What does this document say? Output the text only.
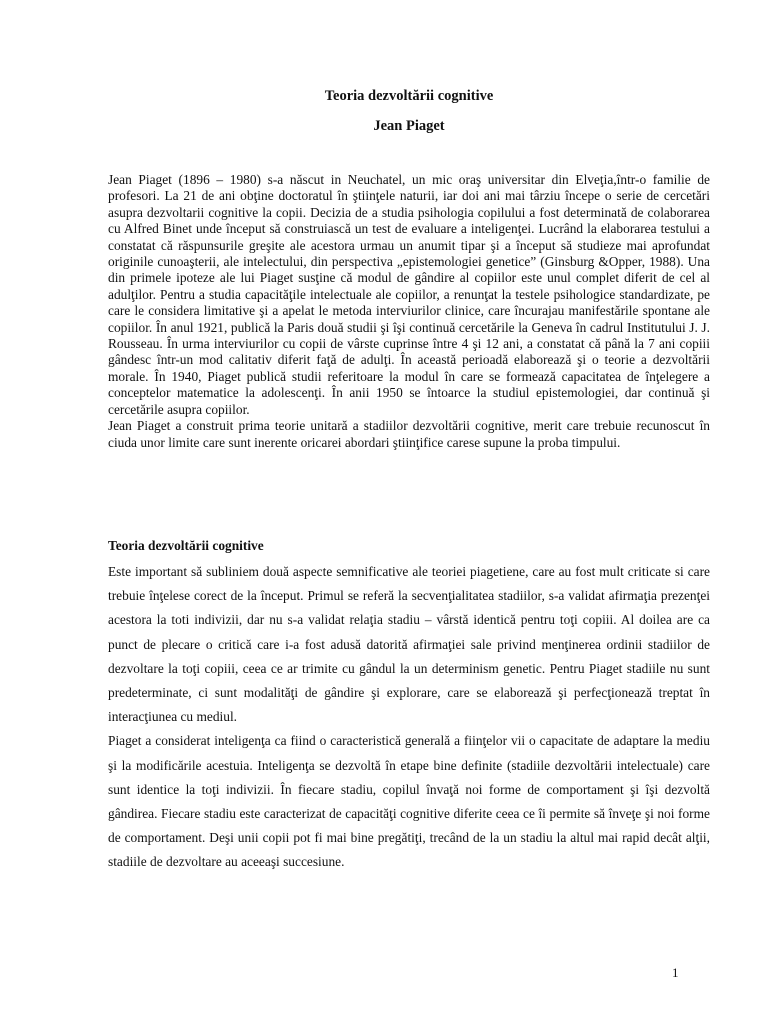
Teoria dezvoltării cognitive
Jean Piaget

Jean Piaget (1896 – 1980) s-a născut in Neuchatel, un mic oraş universitar din Elveţia,într-o familie de profesori. La 21 de ani obţine doctoratul în ştiinţele naturii, iar doi ani mai târziu începe o serie de cercetări asupra dezvoltarii cognitive la copii. Decizia de a studia psihologia copilului a fost determinată de colaborarea cu Alfred Binet unde început să construiască un test de evaluare a inteligenţei. Lucrând la elaborarea testului a constatat că răspunsurile greşite ale acestora urmau un anumit tipar şi a început să studieze mai aprofundat originile cunoaşterii, ale intelectului, din perspectiva „epistemologiei genetice” (Ginsburg &Opper, 1988). Una din primele ipoteze ale lui Piaget susţine că modul de gândire al copiilor este unul complet diferit de cel al adulţilor. Pentru a studia capacităţile intelectuale ale copiilor, a renunţat la testele psihologice standardizate, pe care le considera limitative şi a apelat le metoda interviurilor clinice, care încurajau manifestările spontane ale copiilor. În anul 1921, publică la Paris două studii şi îşi continuă cercetările la Geneva în cadrul Institutului J. J. Rousseau. În urma interviurilor cu copii de vârste cuprinse între 4 şi 12 ani, a constatat că până la 7 ani copiii gândesc într-un mod calitativ diferit faţă de adulţi. În această perioadă elaborează şi o teorie a dezvoltării morale. În 1940, Piaget publică studii referitoare la modul în care se formează capacitatea de înţelegere a conceptelor matematice la adolescenţi. În anii 1950 se întoarce la studiul epistemologiei, dar continuă şi cercetările asupra copiilor.

Jean Piaget a construit prima teorie unitară a stadiilor dezvoltării cognitive, merit care trebuie recunoscut în ciuda unor limite care sunt inerente oricarei abordari ştiinţifice caresе supune la proba timpului.

Teoria dezvoltării cognitive

Este important să subliniem două aspecte semnificative ale teoriei piagetiene, care au fost mult criticate si care trebuie înţelese corect de la început. Primul se referă la secvenţialitatea stadiilor, s-a validat afirmaţia prezenţei acestora la toti indivizii, dar nu s-a validat relaţia stadiu – vârstă identică pentru toţi copiii. Al doilea are ca punct de plecare o critică care i-a fost adusă datorită afirmaţiei sale privind menţinerea ordinii stadiilor de dezvoltare la toţi copiii, ceea ce ar trimite cu gândul la un determinism genetic. Pentru Piaget stadiile nu sunt predeterminate, ci sunt modalităţi de gândire şi explorare, care se elaborează şi perfecţionează treptat în interacţiunea cu mediul.

Piaget a considerat inteligenţa ca fiind o caracteristică generală a fiinţelor vii o capacitate de adaptare la mediu şi la modificările acestuia. Inteligenţa se dezvoltă în etape bine definite (stadiile dezvoltării intelectuale) care sunt identice la toţi indivizii. În fiecare stadiu, copilul învaţă noi forme de comportament şi îşi dezvoltă gândirea. Fiecare stadiu este caracterizat de capacităţi cognitive diferite ceea ce îi permite să înveţe şi noi forme de comportament. Deşi unii copii pot fi mai bine pregătiţi, trecând de la un stadiu la altul mai rapid decât alţii, stadiile de dezvoltare au aceeaşi succesiune.

1
